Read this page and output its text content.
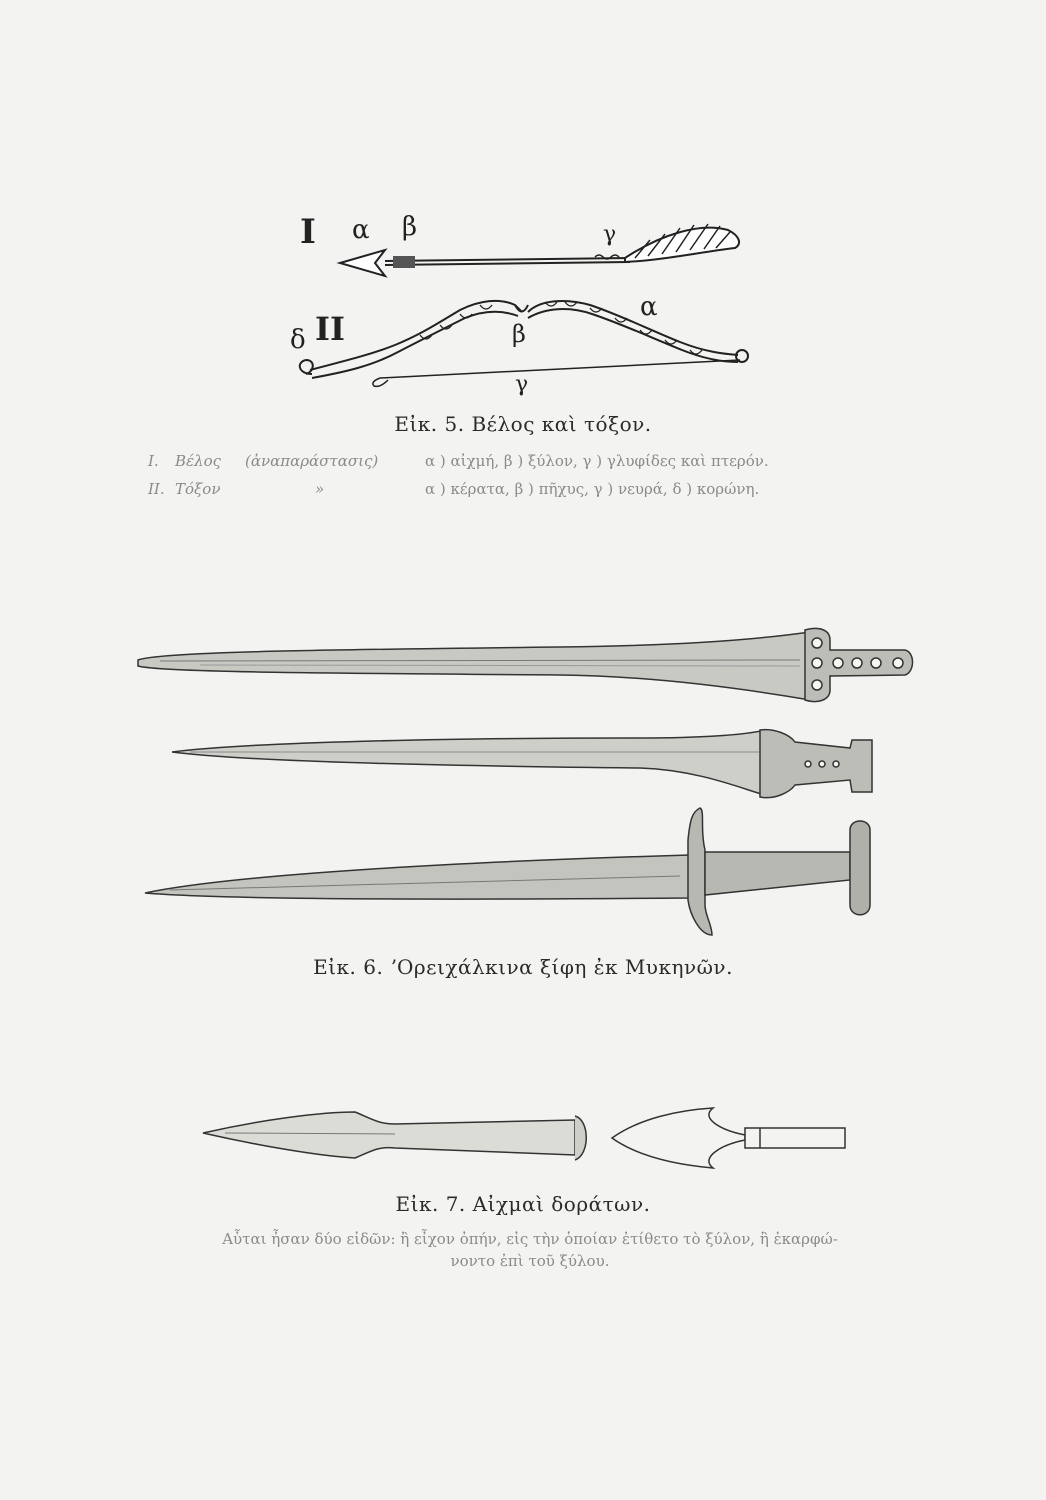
I α β	γ
δ II
α
β
γ
Εἰκ. 5. Βέλος καὶ τόξον.
I. Βέλος (ἀναπαράστασις)	α ) αἰχμή, β ) ξύλον, γ ) γλυφίδες καὶ πτερόν.
II. Τόξον	»	α ) κέρατα, β ) πῆχυς, γ ) νευρά, δ ) κορώνη.
Εἰκ. 6. ʼΟρειχάλκινα ξίφη ἐκ Μυκηνῶν.
Εἰκ. 7. Αἰχμαὶ δοράτων.
Αὗται ἦσαν δύο εἰδῶν: ἢ εἶχον ὀπήν, εἰς τὴν ὁποίαν ἐτίθετο τὸ ξύλον, ἢ ἐκαρφώ-
νοντο ἐπὶ τοῦ ξύλου.
